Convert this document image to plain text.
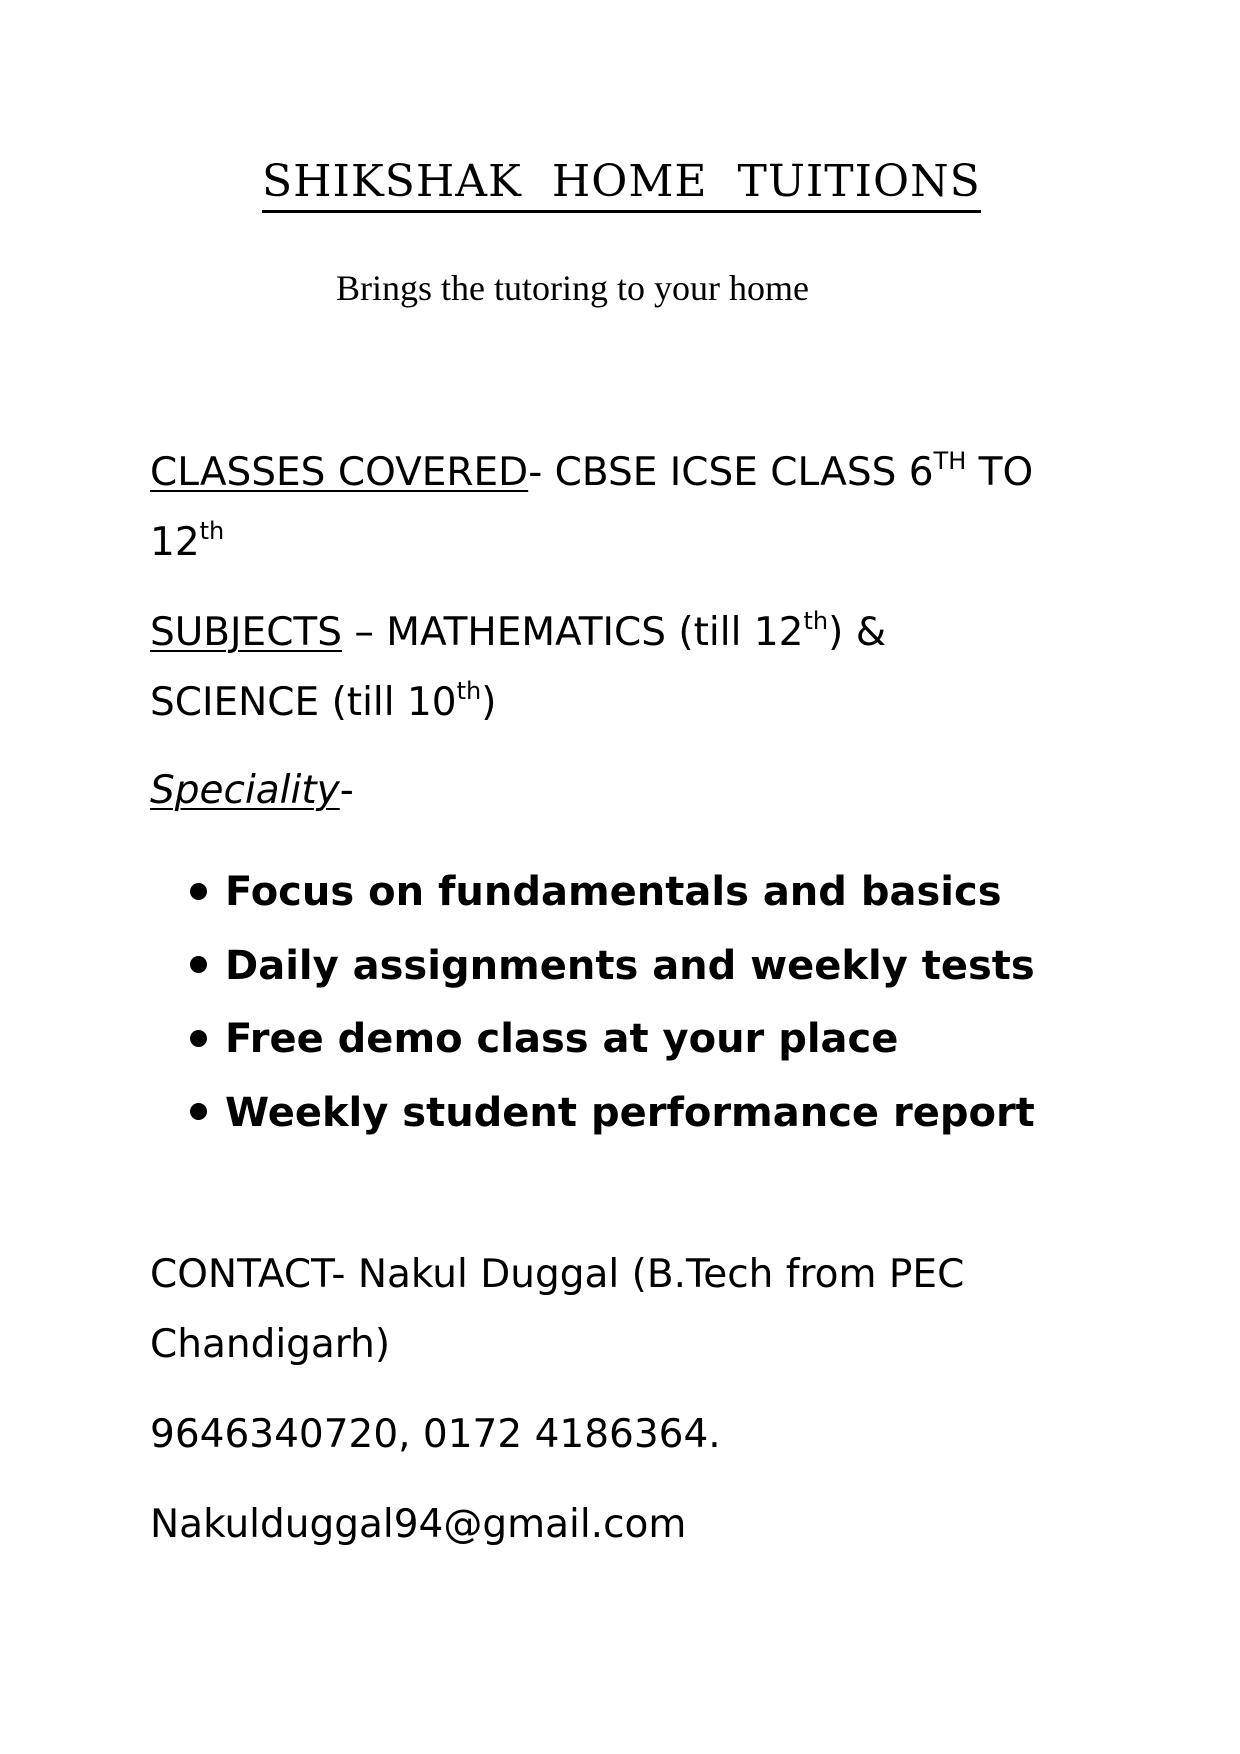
SHIKSHAK  HOME  TUITIONS
Brings the tutoring to your home
CLASSES COVERED- CBSE ICSE CLASS 6TH TO
12th
SUBJECTS – MATHEMATICS (till 12th) &
SCIENCE (till 10th)
Speciality-
Focus on fundamentals and basics
Daily assignments and weekly tests
Free demo class at your place
Weekly student performance report
CONTACT- Nakul Duggal (B.Tech from PEC
Chandigarh)
9646340720, 0172 4186364.
Nakulduggal94@gmail.com
